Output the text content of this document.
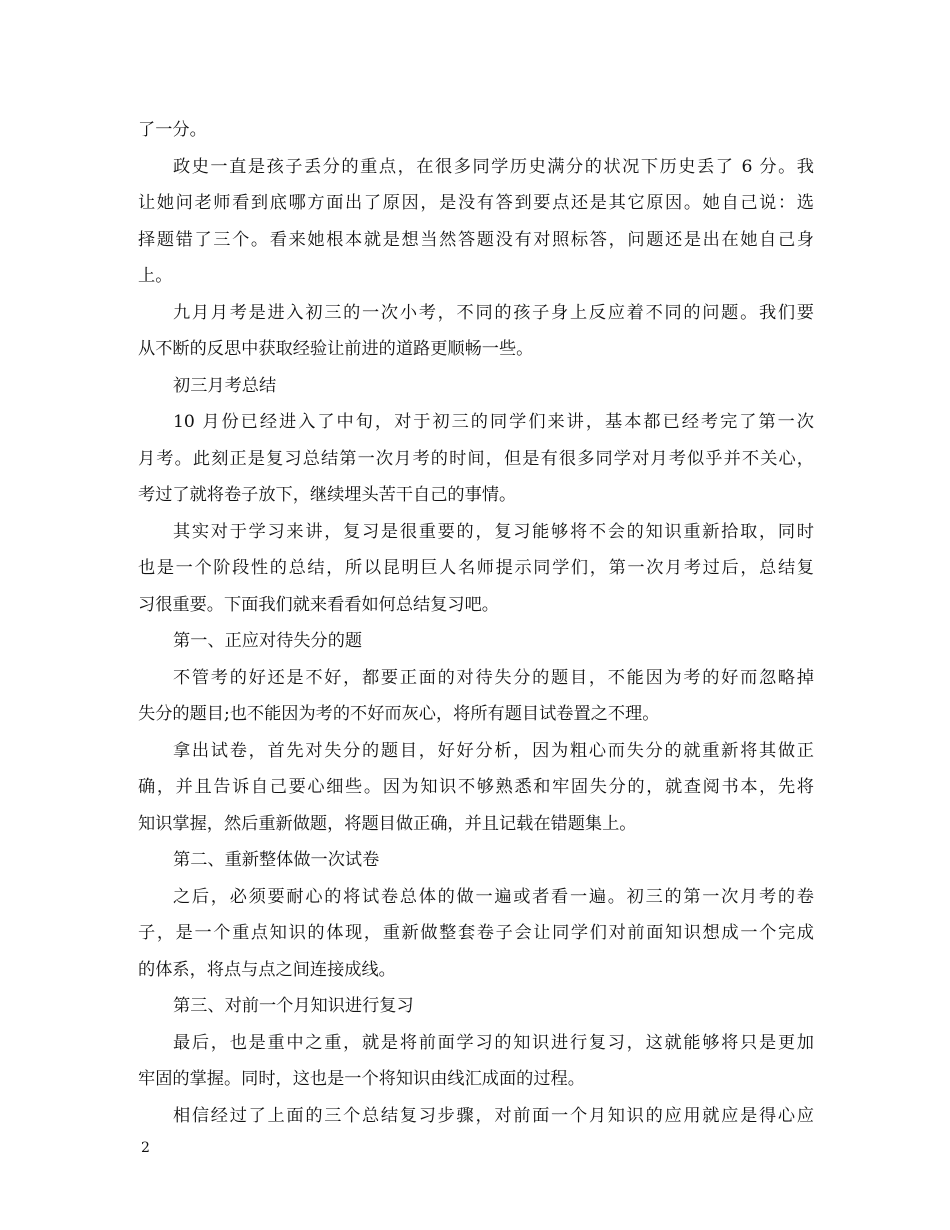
了一分。
政史一直是孩子丢分的重点，在很多同学历史满分的状况下历史丢了 6 分。我
让她问老师看到底哪方面出了原因，是没有答到要点还是其它原因。她自己说：选
择题错了三个。看来她根本就是想当然答题没有对照标答，问题还是出在她自己身
上。
九月月考是进入初三的一次小考，不同的孩子身上反应着不同的问题。我们要
从不断的反思中获取经验让前进的道路更顺畅一些。
初三月考总结
10 月份已经进入了中旬，对于初三的同学们来讲，基本都已经考完了第一次
月考。此刻正是复习总结第一次月考的时间，但是有很多同学对月考似乎并不关心，
考过了就将卷子放下，继续埋头苦干自己的事情。
其实对于学习来讲，复习是很重要的，复习能够将不会的知识重新拾取，同时
也是一个阶段性的总结，所以昆明巨人名师提示同学们，第一次月考过后，总结复
习很重要。下面我们就来看看如何总结复习吧。
第一、正应对待失分的题
不管考的好还是不好，都要正面的对待失分的题目，不能因为考的好而忽略掉
失分的题目;也不能因为考的不好而灰心，将所有题目试卷置之不理。
拿出试卷，首先对失分的题目，好好分析，因为粗心而失分的就重新将其做正
确，并且告诉自己要心细些。因为知识不够熟悉和牢固失分的，就查阅书本，先将
知识掌握，然后重新做题，将题目做正确，并且记载在错题集上。
第二、重新整体做一次试卷
之后，必须要耐心的将试卷总体的做一遍或者看一遍。初三的第一次月考的卷
子，是一个重点知识的体现，重新做整套卷子会让同学们对前面知识想成一个完成
的体系，将点与点之间连接成线。
第三、对前一个月知识进行复习
最后，也是重中之重，就是将前面学习的知识进行复习，这就能够将只是更加
牢固的掌握。同时，这也是一个将知识由线汇成面的过程。
相信经过了上面的三个总结复习步骤，对前面一个月知识的应用就应是得心应
2
